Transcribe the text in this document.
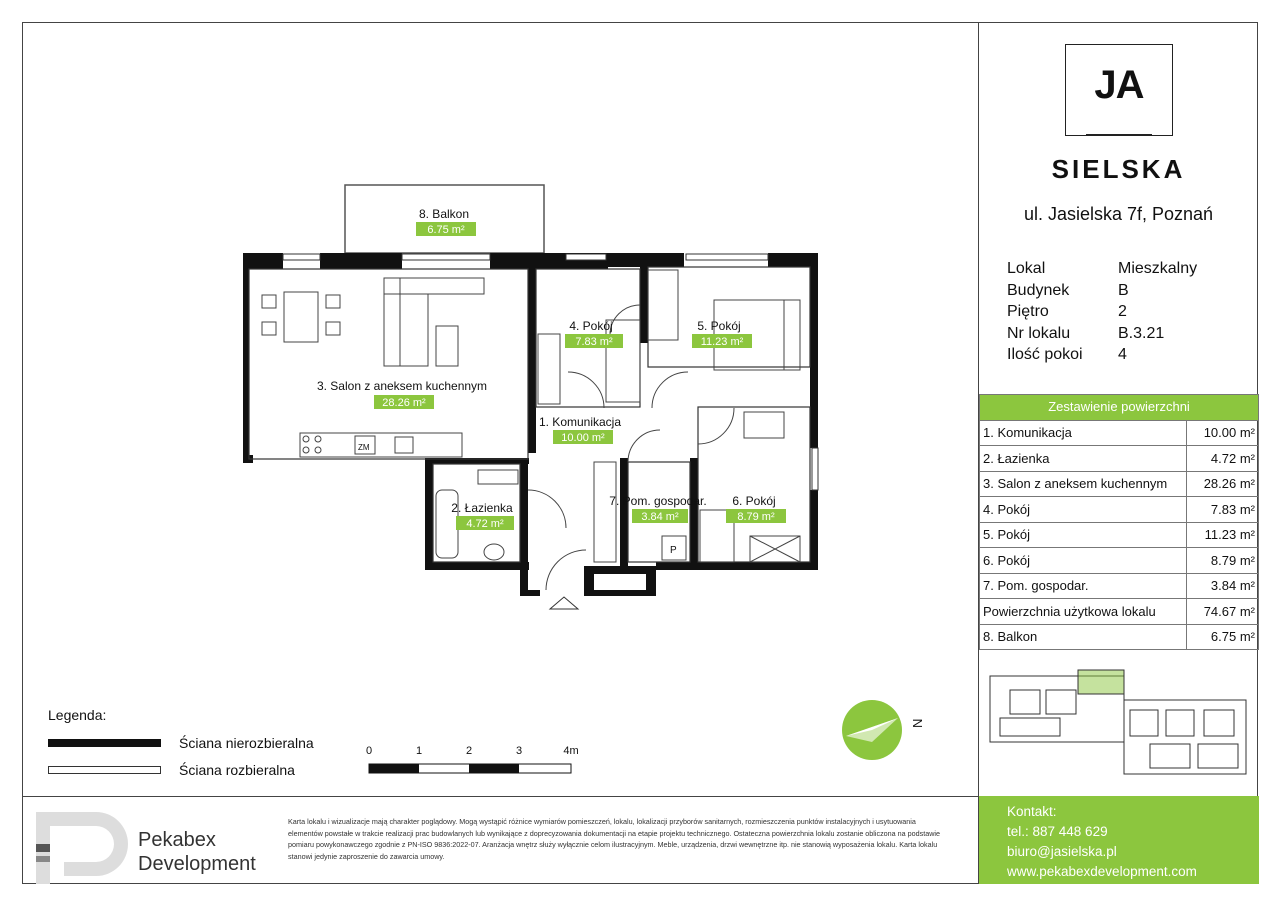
ZM
P
8. Balkon
6.75 m²
3. Salon z aneksem kuchennym
28.26 m²
4. Pokój
7.83 m²
5. Pokój
11.23 m²
1. Komunikacja
10.00 m²
2. Łazienka
4.72 m²
7. Pom. gospodar.
3.84 m²
6. Pokój
8.79 m²
0	1	2	3	4m
N
JA
SIELSKA
ul. Jasielska 7f, Poznań
Lokal	Mieszkalny
Budynek	B
Piętro	2
Nr lokalu	B.3.21
Ilość pokoi	4
Zestawienie powierzchni	
1. Komunikacja	10.00 m²
2. Łazienka	4.72 m²
3. Salon z aneksem kuchennym	28.26 m²
4. Pokój	7.83 m²
5. Pokój	11.23 m²
6. Pokój	8.79 m²
7. Pom. gospodar.	3.84 m²
Powierzchnia użytkowa lokalu	74.67 m²
8. Balkon	6.75 m²
Kontakt:
tel.: 887 448 629
biuro@jasielska.pl
www.pekabexdevelopment.com
Legenda:
Ściana nierozbieralna
Ściana rozbieralna
Pekabex
Development
Karta lokalu i wizualizacje mają charakter poglądowy. Mogą wystąpić różnice wymiarów pomieszczeń, lokalu, lokalizacji przyborów sanitarnych, rozmieszczenia punktów instalacyjnych i usytuowania elementów powstałe w trakcie realizacji prac budowlanych lub wynikające z doprecyzowania dokumentacji na etapie projektu technicznego. Ostateczna powierzchnia lokalu zostanie obliczona na podstawie pomiaru powykonawczego zgodnie z PN-ISO 9836:2022-07. Aranżacja wnętrz służy wyłącznie celom ilustracyjnym. Meble, urządzenia, drzwi wewnętrzne itp. nie stanowią wyposażenia lokalu. Karta lokalu stanowi jedynie zaproszenie do zawarcia umowy.
